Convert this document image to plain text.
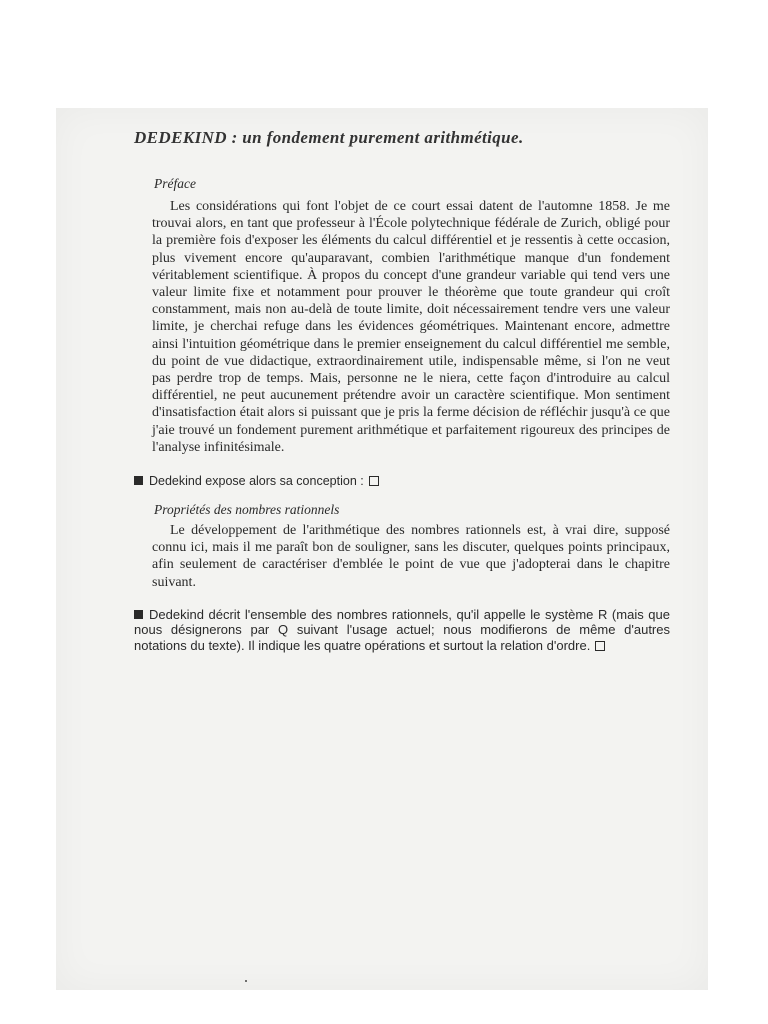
DEDEKIND : un fondement purement arithmétique.
Préface

Les considérations qui font l'objet de ce court essai datent de l'automne 1858. Je me trouvai alors, en tant que professeur à l'École polytechnique fédérale de Zurich, obligé pour la première fois d'exposer les éléments du calcul différentiel et je ressentis à cette occasion, plus vivement encore qu'auparavant, combien l'arithmétique manque d'un fondement véritablement scientifique. À propos du concept d'une grandeur variable qui tend vers une valeur limite fixe et notamment pour prouver le théorème que toute grandeur qui croît constamment, mais non au-delà de toute limite, doit nécessairement tendre vers une valeur limite, je cherchai refuge dans les évidences géométriques. Maintenant encore, admettre ainsi l'intuition géométrique dans le premier enseignement du calcul différentiel me semble, du point de vue didactique, extraordinairement utile, indispensable même, si l'on ne veut pas perdre trop de temps. Mais, personne ne le niera, cette façon d'introduire au calcul différentiel, ne peut aucunement prétendre avoir un caractère scientifique. Mon sentiment d'insatisfaction était alors si puissant que je pris la ferme décision de réfléchir jusqu'à ce que j'aie trouvé un fondement purement arithmétique et parfaitement rigoureux des principes de l'analyse infinitésimale.

Dedekind expose alors sa conception :
Propriétés des nombres rationnels

Le développement de l'arithmétique des nombres rationnels est, à vrai dire, supposé connu ici, mais il me paraît bon de souligner, sans les discuter, quelques points principaux, afin seulement de caractériser d'emblée le point de vue que j'adopterai dans le chapitre suivant.

Dedekind décrit l'ensemble des nombres rationnels, qu'il appelle le système R (mais que nous désignerons par Q suivant l'usage actuel; nous modifierons de même d'autres notations du texte). Il indique les quatre opérations et surtout la relation d'ordre.
